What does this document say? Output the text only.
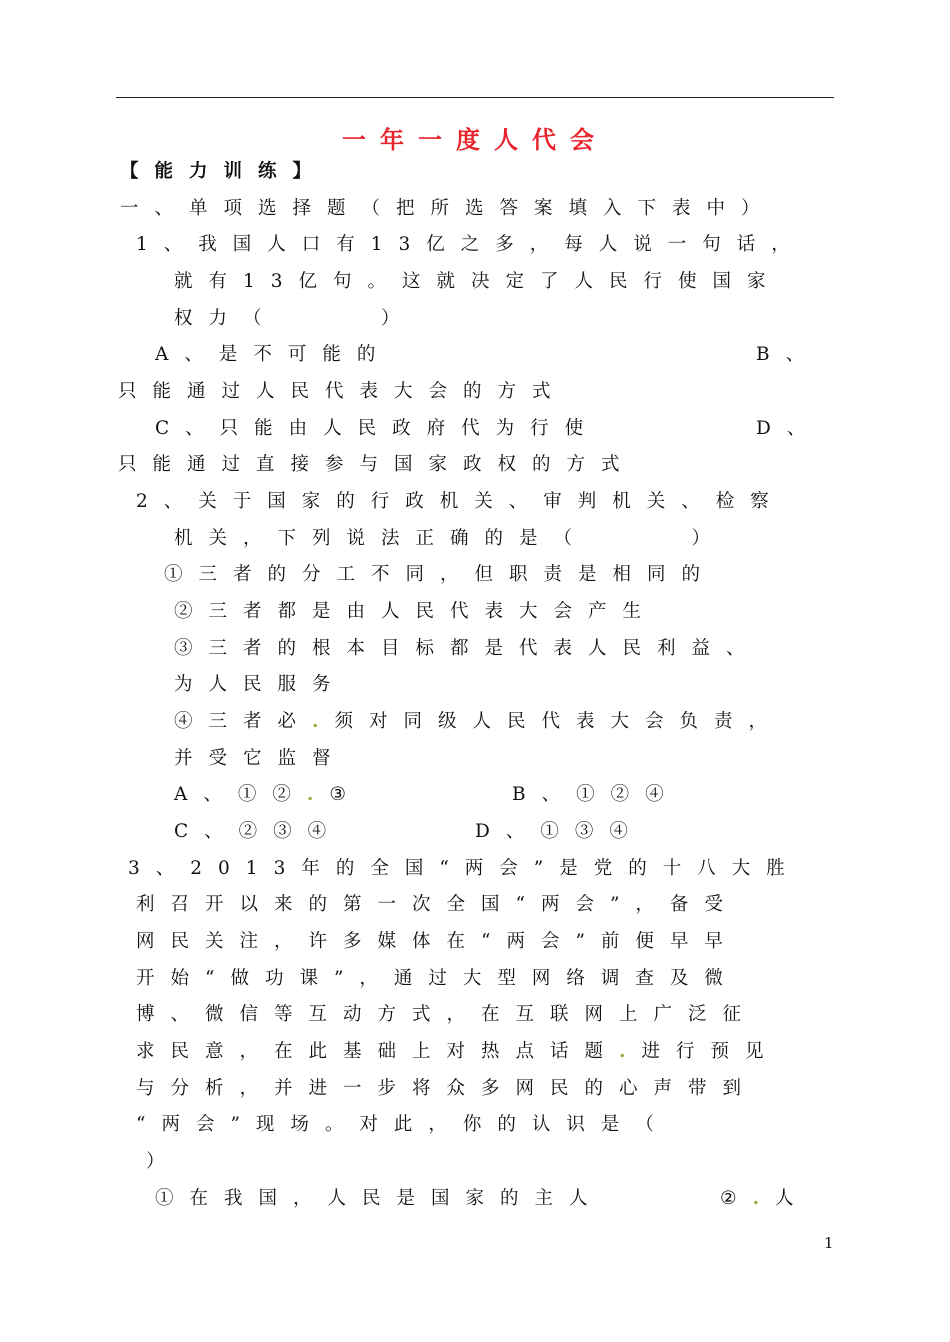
一年一度人代会
【能力训练】
一、单项选择题（把所选答案填入下表中）
1、我国人口有13亿之多，每人说一句话，
就有13亿句。这就决定了人民行使国家
权力（　　　）
A、是不可能的	B、
只能通过人民代表大会的方式
C、只能由人民政府代为行使	D、
只能通过直接参与国家政权的方式
2、关于国家的行政机关、审判机关、检察
机关，下列说法正确的是（　　　）
①三者的分工不同，但职责是相同的
②三者都是由人民代表大会产生
③三者的根本目标都是代表人民利益、
为人民服务
④三者必.须对同级人民代表大会负责，
并受它监督
A、①②.③	B、①②④
C、②③④	D、①③④
3、2013年的全国“两会”是党的十八大胜
利召开以来的第一次全国“两会”，备受
网民关注，许多媒体在“两会”前便早早
开始“做功课”，通过大型网络调查及微
博、微信等互动方式，在互联网上广泛征
求民意，在此基础上对热点话题.进行预见
与分析，并进一步将众多网民的心声带到
“两会”现场。对此，你的认识是（
）
①在我国，人民是国家的主人	②.人
1
